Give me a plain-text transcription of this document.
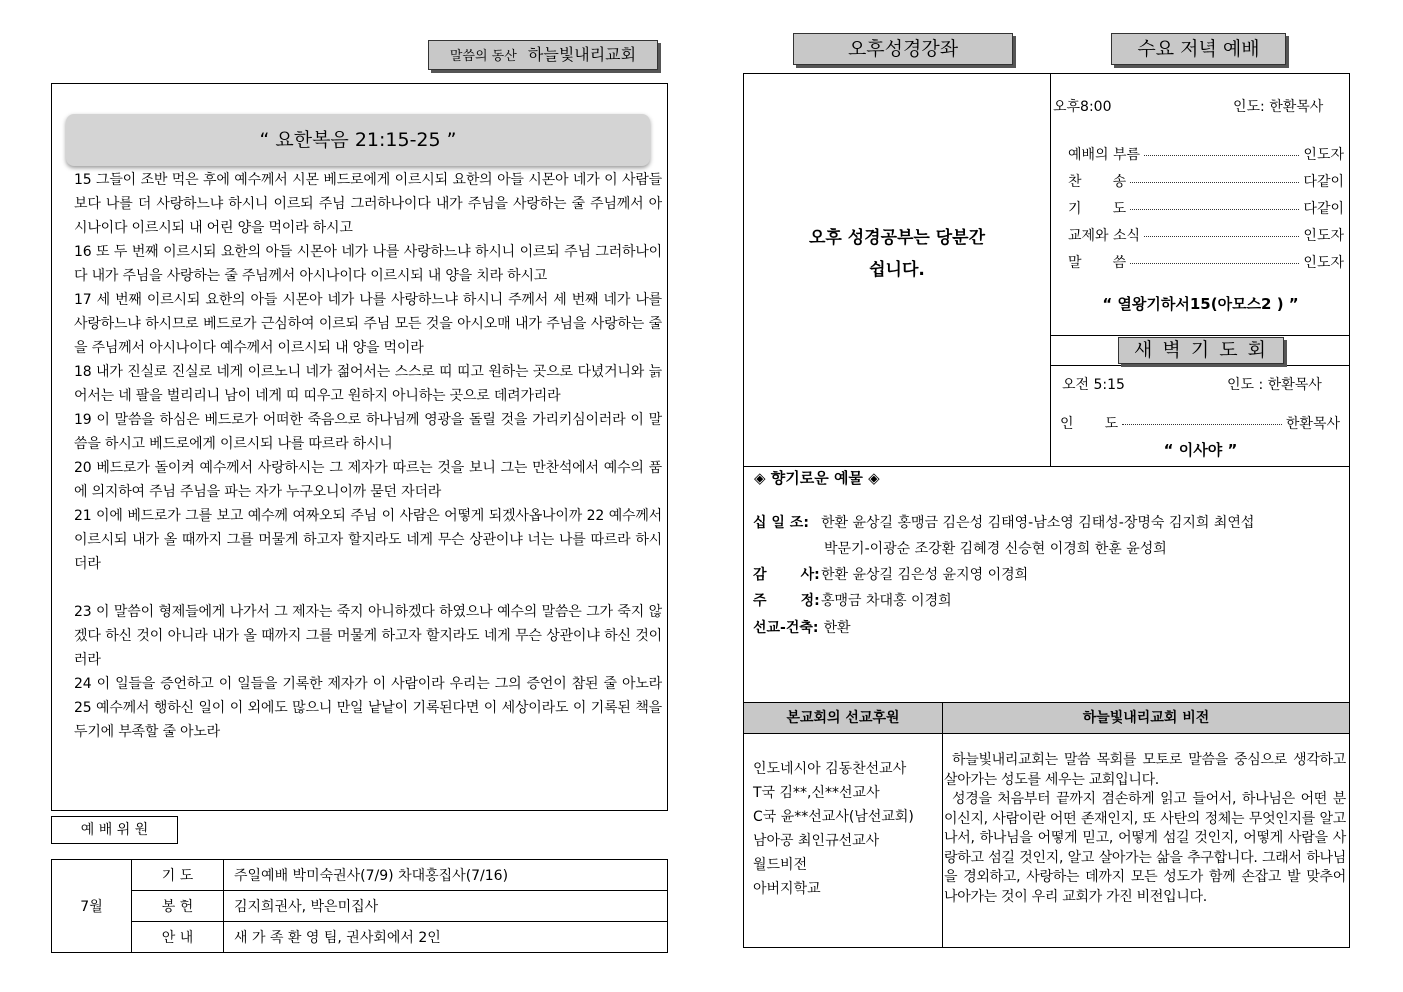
말씀의 동산 하늘빛내리교회
“ 요한복음 21:15-25 ”

15 그들이 조반 먹은 후에 예수께서 시몬 베드로에게 이르시되 요한의 아들 시몬아 네가 이 사람들보다 나를 더 사랑하느냐 하시니 이르되 주님 그러하나이다 내가 주님을 사랑하는 줄 주님께서 아시나이다 이르시되 내 어린 양을 먹이라 하시고

16 또 두 번째 이르시되 요한의 아들 시몬아 네가 나를 사랑하느냐 하시니 이르되 주님 그러하나이다 내가 주님을 사랑하는 줄 주님께서 아시나이다 이르시되 내 양을 치라 하시고

17 세 번째 이르시되 요한의 아들 시몬아 네가 나를 사랑하느냐 하시니 주께서 세 번째 네가 나를 사랑하느냐 하시므로 베드로가 근심하여 이르되 주님 모든 것을 아시오매 내가 주님을 사랑하는 줄을 주님께서 아시나이다 예수께서 이르시되 내 양을 먹이라

18 내가 진실로 진실로 네게 이르노니 네가 젊어서는 스스로 띠 띠고 원하는 곳으로 다녔거니와 늙어서는 네 팔을 벌리리니 남이 네게 띠 띠우고 원하지 아니하는 곳으로 데려가리라

19 이 말씀을 하심은 베드로가 어떠한 죽음으로 하나님께 영광을 돌릴 것을 가리키심이러라 이 말씀을 하시고 베드로에게 이르시되 나를 따르라 하시니

20 베드로가 돌이켜 예수께서 사랑하시는 그 제자가 따르는 것을 보니 그는 만찬석에서 예수의 품에 의지하여 주님 주님을 파는 자가 누구오니이까 묻던 자더라

21 이에 베드로가 그를 보고 예수께 여짜오되 주님 이 사람은 어떻게 되겠사옵나이까 22 예수께서 이르시되 내가 올 때까지 그를 머물게 하고자 할지라도 네게 무슨 상관이냐 너는 나를 따르라 하시더라

23 이 말씀이 형제들에게 나가서 그 제자는 죽지 아니하겠다 하였으나 예수의 말씀은 그가 죽지 않겠다 하신 것이 아니라 내가 올 때까지 그를 머물게 하고자 할지라도 네게 무슨 상관이냐 하신 것이러라

24 이 일들을 증언하고 이 일들을 기록한 제자가 이 사람이라 우리는 그의 증언이 참된 줄 아노라 25 예수께서 행하신 일이 이 외에도 많으니 만일 낱낱이 기록된다면 이 세상이라도 이 기록된 책을 두기에 부족할 줄 아노라

예 배 위 원
7월	기 도	주일예배 박미숙권사(7/9) 차대홍집사(7/16)
	봉 헌	김지희권사, 박은미집사
	안 내	새 가 족 환 영 팀, 권사회에서 2인
오후성경강좌	수요 저녁 예배
오후 성경공부는 당분간
쉽니다.
오후8:00	인도: 한환목사
예배의 부름	인도자
찬       송	다같이
기       도	다같이
교제와 소식	인도자
말       씀	인도자
“ 열왕기하서15(아모스2 ) ”
새 벽 기 도 회
오전 5:15	인도 : 한환목사
인       도	한환목사
“ 이사야 ”
◈ 향기로운 예물 ◈
십 일 조: 한환 윤상길 홍맹금 김은성 김태영-남소영 김태성-장명숙 김지희 최연섭
박문기-이광순 조강환 김혜경 신승현 이경희 한훈 윤성희
감       사: 한환 윤상길 김은성 윤지영 이경희
주       정: 홍맹금 차대홍 이경희
선교-건축: 한환
본교회의 선교후원	하늘빛내리교회 비전
인도네시아 김동찬선교사
T국 김**,신**선교사
C국 윤**선교사(남선교회)
남아공 최인규선교사
월드비전
아버지학교

하늘빛내리교회는 말씀 목회를 모토로 말씀을 중심으로 생각하고 살아가는 성도를 세우는 교회입니다.

성경을 처음부터 끝까지 겸손하게 읽고 들어서, 하나님은 어떤 분이신지, 사람이란 어떤 존재인지, 또 사탄의 정체는 무엇인지를 알고 나서, 하나님을 어떻게 믿고, 어떻게 섬길 것인지, 어떻게 사람을 사랑하고 섬길 것인지, 알고 살아가는 삶을 추구합니다. 그래서 하나님을 경외하고, 사랑하는 데까지 모든 성도가 함께 손잡고 발 맞추어 나아가는 것이 우리 교회가 가진 비전입니다.
